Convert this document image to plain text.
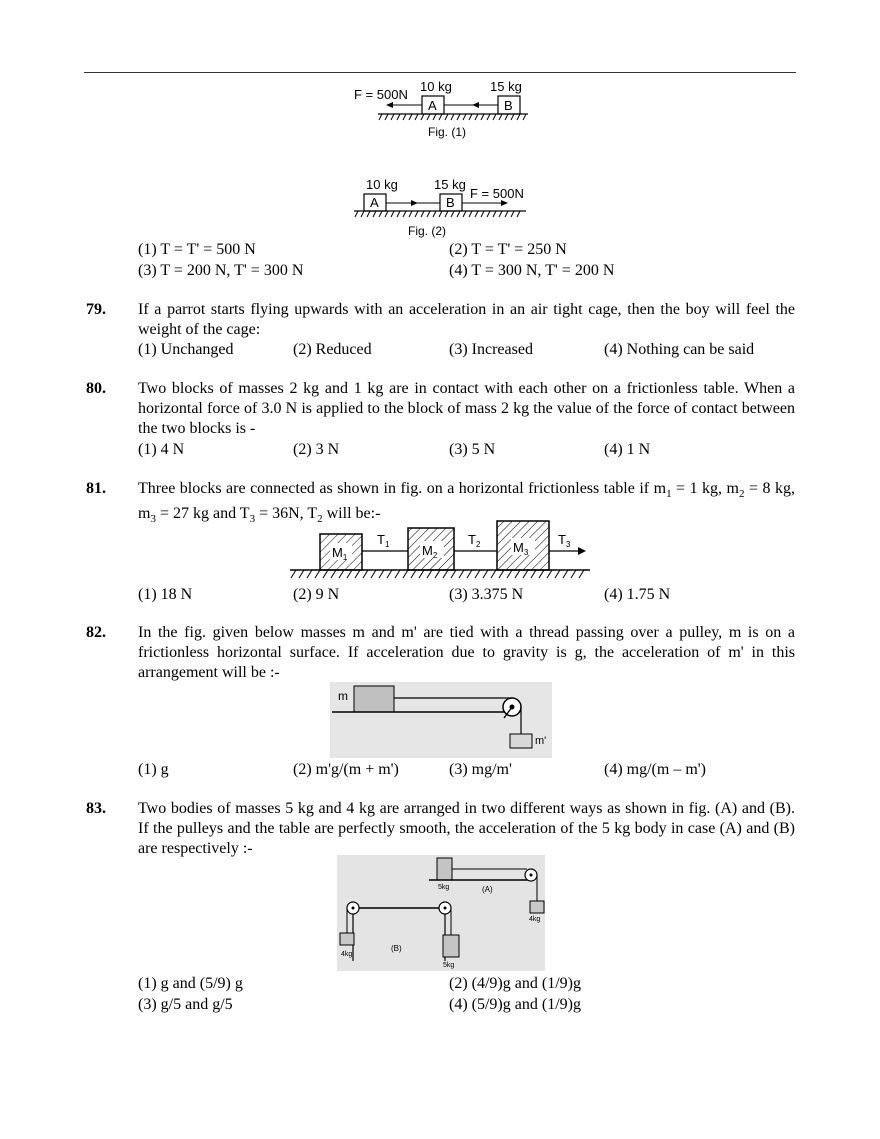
F = 500N
10 kg	15 kg
A	B
Fig. (1)
10 kg	15 kg
F = 500N
A	B
Fig. (2)
(1) T = T' = 500 N	(2) T = T' = 250 N
(3) T = 200 N, T' = 300 N	(4) T = 300 N, T' = 200 N
79. If a parrot starts flying upwards with an acceleration in an air tight cage, then the boy will feel the weight of the cage:
(1) Unchanged	(2) Reduced	(3) Increased	(4) Nothing can be said
80. Two blocks of masses 2 kg and 1 kg are in contact with each other on a frictionless table. When a horizontal force of 3.0 N is applied to the block of mass 2 kg the value of the force of contact between the two blocks is -
(1) 4 N	(2) 3 N	(3) 5 N	(4) 1 N
81. Three blocks are connected as shown in fig. on a horizontal frictionless table if $m_1 = 1$ kg, $m_2 = 8$ kg, $m_3 = 27$ kg and $T_3 = 36N$, $T_2$ will be:-
$M_1$	$M_2$
$M_3$
$T_1$	$T_2$	$T_3$
(1) 18 N	(2) 9 N	(3) 3.375 N	(4) 1.75 N
82. In the fig. given below masses m and m' are tied with a thread passing over a pulley, m is on a frictionless horizontal surface. If acceleration due to gravity is g, the acceleration of m' in this arrangement will be :-
m
m'
(1) g	(2) m'g/(m + m')	(3) mg/m'	(4) mg/(m – m')
83. Two bodies of masses 5 kg and 4 kg are arranged in two different ways as shown in fig. (A) and (B). If the pulleys and the table are perfectly smooth, the acceleration of the 5 kg body in case (A) and (B) are respectively :-
5kg	(A)
4kg
4kg
(B)
5kg
(1) g and (5/9) g	(2) (4/9)g and (1/9)g
(3) g/5 and g/5	(4) (5/9)g and (1/9)g
